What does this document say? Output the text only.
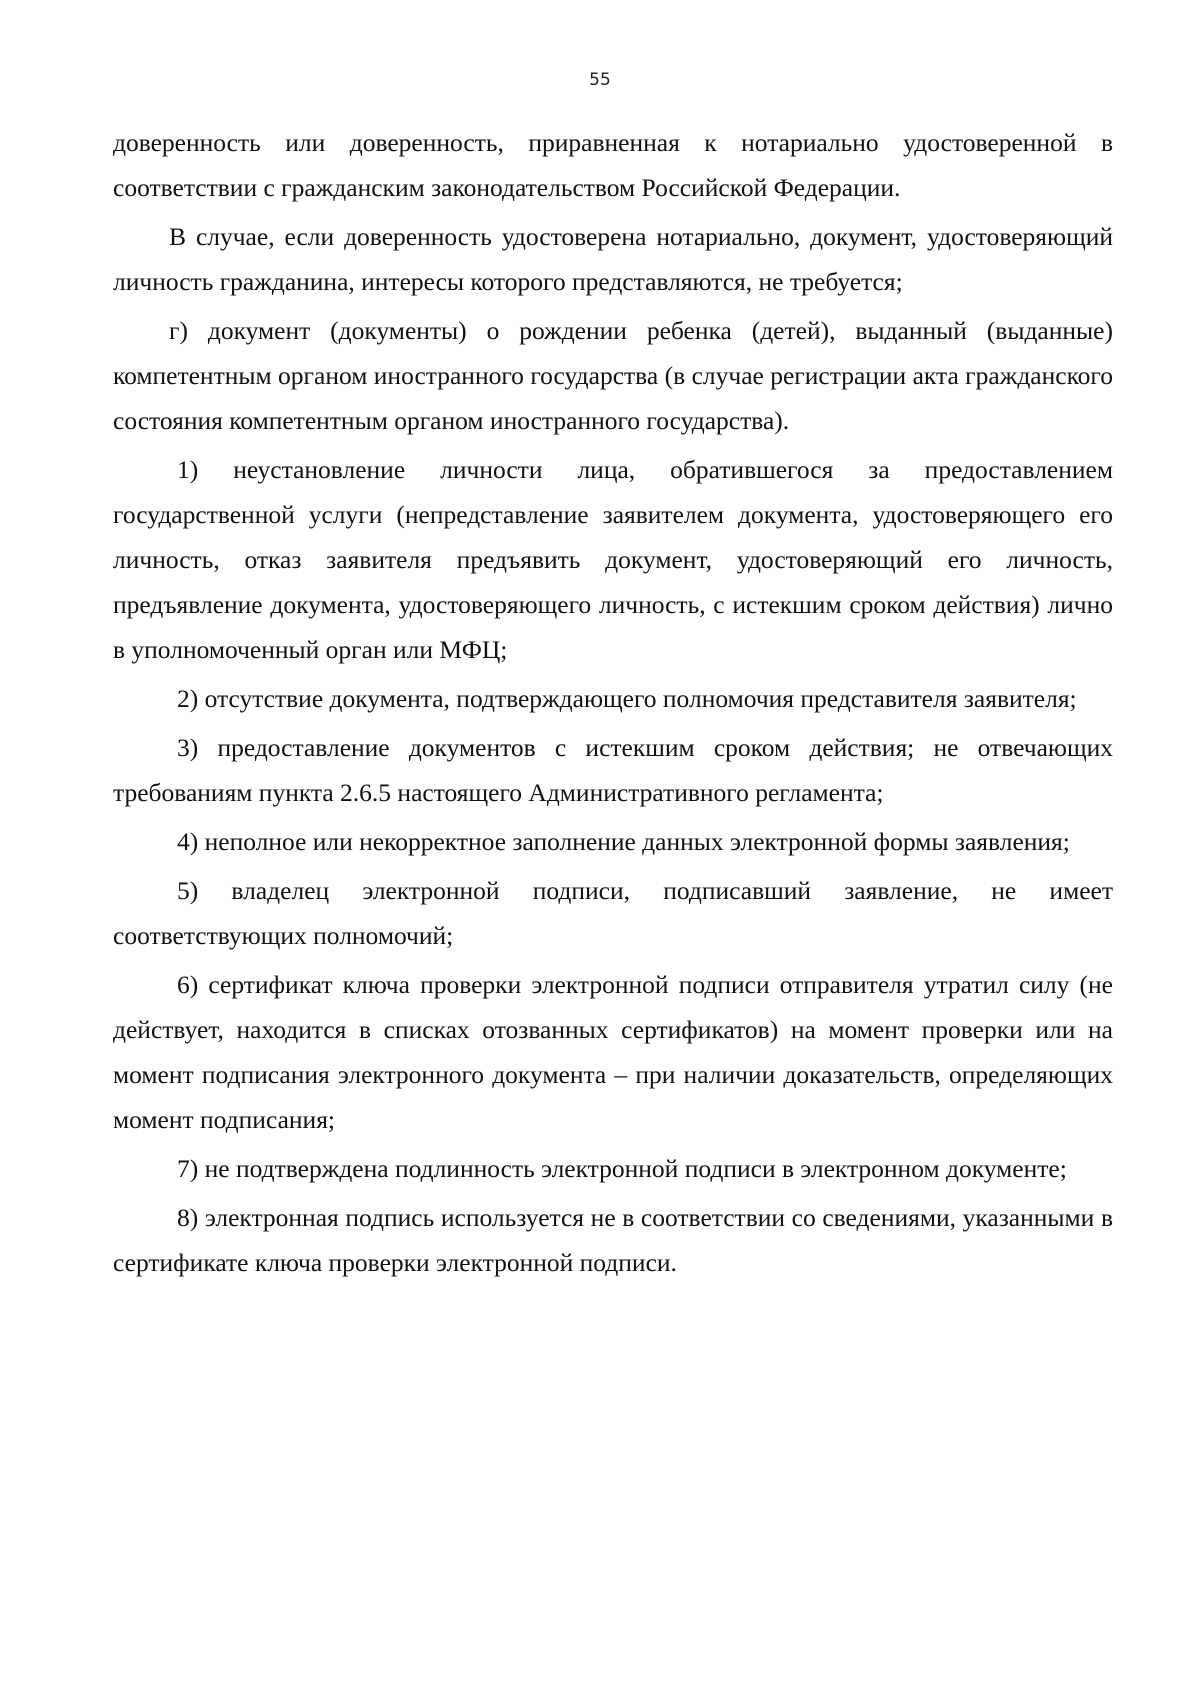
55

доверенность или доверенность, приравненная к нотариально удостоверенной в соответствии с гражданским законодательством Российской Федерации.

В случае, если доверенность удостоверена нотариально, документ, удостоверяющий личность гражданина, интересы которого представляются, не требуется;

г) документ (документы) о рождении ребенка (детей), выданный (выданные) компетентным органом иностранного государства (в случае регистрации акта гражданского состояния компетентным органом иностранного государства).

1) неустановление личности лица, обратившегося за предоставлением государственной услуги (непредставление заявителем документа, удостоверяющего его личность, отказ заявителя предъявить документ, удостоверяющий его личность, предъявление документа, удостоверяющего личность, с истекшим сроком действия) лично в уполномоченный орган или МФЦ;

2) отсутствие документа, подтверждающего полномочия представителя заявителя;

3) предоставление документов с истекшим сроком действия; не отвечающих требованиям пункта 2.6.5 настоящего Административного регламента;

4) неполное или некорректное заполнение данных электронной формы заявления;

5) владелец электронной подписи, подписавший заявление, не имеет соответствующих полномочий;

6) сертификат ключа проверки электронной подписи отправителя утратил силу (не действует, находится в списках отозванных сертификатов) на момент проверки или на момент подписания электронного документа – при наличии доказательств, определяющих момент подписания;

7) не подтверждена подлинность электронной подписи в электронном документе;

8) электронная подпись используется не в соответствии со сведениями, указанными в сертификате ключа проверки электронной подписи.
